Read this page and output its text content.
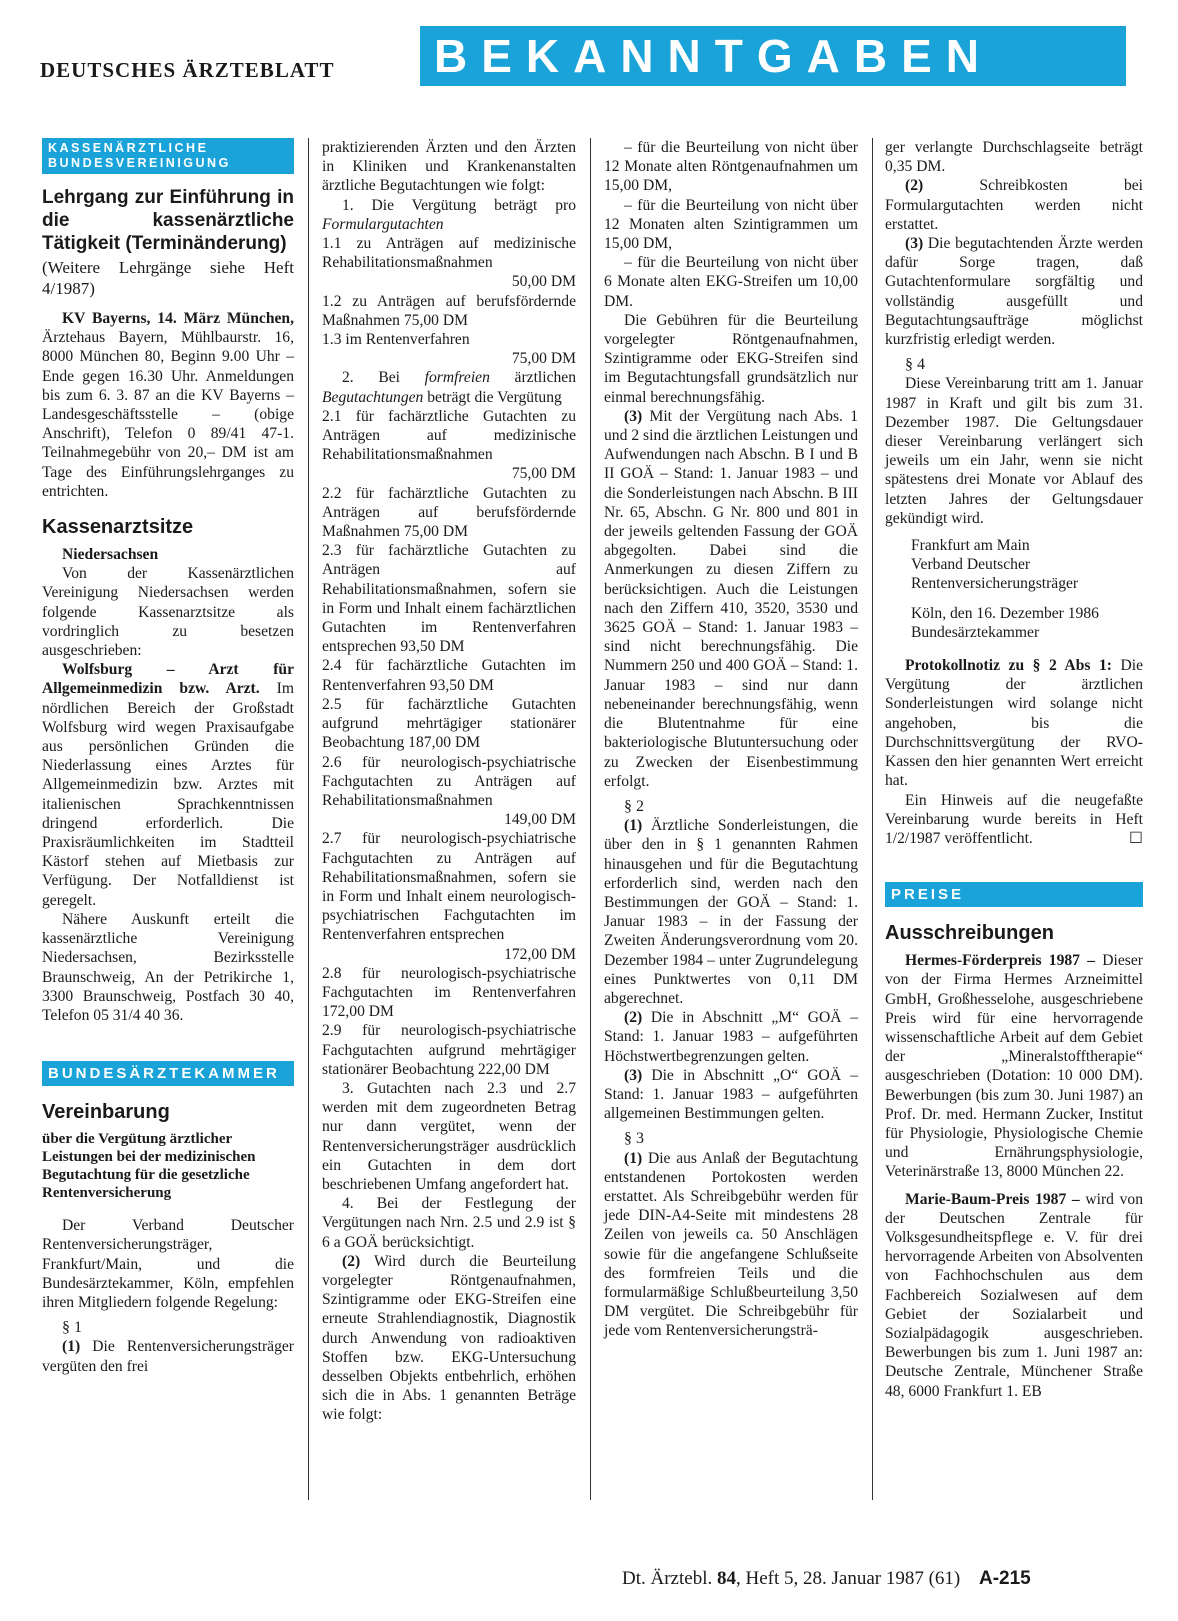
DEUTSCHES ÄRZTEBLATT	BEKANNTGABEN
KASSENÄRZTLICHE BUNDESVEREINIGUNG
Lehrgang zur Einführung in die kassenärztliche Tätigkeit (Terminänderung)

(Weitere Lehrgänge siehe Heft 4/1987)

KV Bayerns, 14. März München, Ärztehaus Bayern, Mühlbaurstr. 16, 8000 München 80, Beginn 9.00 Uhr – Ende gegen 16.30 Uhr. Anmeldungen bis zum 6. 3. 87 an die KV Bayerns – Landesgeschäftsstelle – (obige Anschrift), Telefon 0 89/41 47-1. Teilnahmegebühr von 20,– DM ist am Tage des Einführungslehrganges zu entrichten.

Kassenarztsitze

Niedersachsen

Von der Kassenärztlichen Vereinigung Niedersachsen werden folgende Kassenarztsitze als vordringlich zu besetzen ausgeschrieben:

Wolfsburg – Arzt für Allgemeinmedizin bzw. Arzt. Im nördlichen Bereich der Großstadt Wolfsburg wird wegen Praxisaufgabe aus persönlichen Gründen die Niederlassung eines Arztes für Allgemeinmedizin bzw. Arztes mit italienischen Sprachkenntnissen dringend erforderlich. Die Praxisräumlichkeiten im Stadtteil Kästorf stehen auf Mietbasis zur Verfügung. Der Notfalldienst ist geregelt.

Nähere Auskunft erteilt die kassenärztliche Vereinigung Niedersachsen, Bezirksstelle Braunschweig, An der Petrikirche 1, 3300 Braunschweig, Postfach 30 40, Telefon 05 31/4 40 36.

BUNDESÄRZTEKAMMER
Vereinbarung

über die Vergütung ärztlicher Leistungen bei der medizinischen Begutachtung für die gesetzliche Rentenversicherung

Der Verband Deutscher Rentenversicherungsträger, Frankfurt/Main, und die Bundesärztekammer, Köln, empfehlen ihren Mitgliedern folgende Regelung:

§ 1

(1) Die Rentenversicherungsträger vergüten den frei

praktizierenden Ärzten und den Ärzten in Kliniken und Krankenanstalten ärztliche Begutachtungen wie folgt:

1. Die Vergütung beträgt pro Formulargutachten

1.1 zu Anträgen auf medizinische Rehabilitationsmaßnahmen

50,00 DM

1.2 zu Anträgen auf berufsfördernde Maßnahmen 75,00 DM

1.3 im Rentenverfahren

75,00 DM

2. Bei formfreien ärztlichen Begutachtungen beträgt die Vergütung

2.1 für fachärztliche Gutachten zu Anträgen auf medizinische Rehabilitationsmaßnahmen

75,00 DM

2.2 für fachärztliche Gutachten zu Anträgen auf berufsfördernde Maßnahmen 75,00 DM

2.3 für fachärztliche Gutachten zu Anträgen auf Rehabilitationsmaßnahmen, sofern sie in Form und Inhalt einem fachärztlichen Gutachten im Rentenverfahren entsprechen 93,50 DM

2.4 für fachärztliche Gutachten im Rentenverfahren 93,50 DM

2.5 für fachärztliche Gutachten aufgrund mehrtägiger stationärer Beobachtung 187,00 DM

2.6 für neurologisch-psychiatrische Fachgutachten zu Anträgen auf Rehabilitationsmaßnahmen

149,00 DM

2.7 für neurologisch-psychiatrische Fachgutachten zu Anträgen auf Rehabilitationsmaßnahmen, sofern sie in Form und Inhalt einem neurologisch-psychiatrischen Fachgutachten im Rentenverfahren entsprechen

172,00 DM

2.8 für neurologisch-psychiatrische Fachgutachten im Rentenverfahren 172,00 DM

2.9 für neurologisch-psychiatrische Fachgutachten aufgrund mehrtägiger stationärer Beobachtung 222,00 DM

3. Gutachten nach 2.3 und 2.7 werden mit dem zugeordneten Betrag nur dann vergütet, wenn der Rentenversicherungsträger ausdrücklich ein Gutachten in dem dort beschriebenen Umfang angefordert hat.

4. Bei der Festlegung der Vergütungen nach Nrn. 2.5 und 2.9 ist § 6 a GOÄ berücksichtigt.

(2) Wird durch die Beurteilung vorgelegter Röntgenaufnahmen, Szintigramme oder EKG-Streifen eine erneute Strahlendiagnostik, Diagnostik durch Anwendung von radioaktiven Stoffen bzw. EKG-Untersuchung desselben Objekts entbehrlich, erhöhen sich die in Abs. 1 genannten Beträge wie folgt:

– für die Beurteilung von nicht über 12 Monate alten Röntgenaufnahmen um 15,00 DM,

– für die Beurteilung von nicht über 12 Monaten alten Szintigrammen um 15,00 DM,

– für die Beurteilung von nicht über 6 Monate alten EKG-Streifen um 10,00 DM.

Die Gebühren für die Beurteilung vorgelegter Röntgenaufnahmen, Szintigramme oder EKG-Streifen sind im Begutachtungsfall grundsätzlich nur einmal berechnungsfähig.

(3) Mit der Vergütung nach Abs. 1 und 2 sind die ärztlichen Leistungen und Aufwendungen nach Abschn. B I und B II GOÄ – Stand: 1. Januar 1983 – und die Sonderleistungen nach Abschn. B III Nr. 65, Abschn. G Nr. 800 und 801 in der jeweils geltenden Fassung der GOÄ abgegolten. Dabei sind die Anmerkungen zu diesen Ziffern zu berücksichtigen. Auch die Leistungen nach den Ziffern 410, 3520, 3530 und 3625 GOÄ – Stand: 1. Januar 1983 – sind nicht berechnungsfähig. Die Nummern 250 und 400 GOÄ – Stand: 1. Januar 1983 – sind nur dann nebeneinander berechnungsfähig, wenn die Blutentnahme für eine bakteriologische Blutuntersuchung oder zu Zwecken der Eisenbestimmung erfolgt.

§ 2

(1) Ärztliche Sonderleistungen, die über den in § 1 genannten Rahmen hinausgehen und für die Begutachtung erforderlich sind, werden nach den Bestimmungen der GOÄ – Stand: 1. Januar 1983 – in der Fassung der Zweiten Änderungsverordnung vom 20. Dezember 1984 – unter Zugrundelegung eines Punktwertes von 0,11 DM abgerechnet.

(2) Die in Abschnitt „M“ GOÄ – Stand: 1. Januar 1983 – aufgeführten Höchstwertbegrenzungen gelten.

(3) Die in Abschnitt „O“ GOÄ – Stand: 1. Januar 1983 – aufgeführten allgemeinen Bestimmungen gelten.

§ 3

(1) Die aus Anlaß der Begutachtung entstandenen Portokosten werden erstattet. Als Schreibgebühr werden für jede DIN-A4-Seite mit mindestens 28 Zeilen von jeweils ca. 50 Anschlägen sowie für die angefangene Schlußseite des formfreien Teils und die formularmäßige Schlußbeurteilung 3,50 DM vergütet. Die Schreibgebühr für jede vom Rentenversicherungsträ-

ger verlangte Durchschlagseite beträgt 0,35 DM.

(2)	Schreibkosten bei Formulargutachten werden nicht erstattet.

(3) Die begutachtenden Ärzte werden dafür Sorge tragen, daß Gutachtenformulare sorgfältig und vollständig ausgefüllt und Begutachtungsaufträge möglichst kurzfristig erledigt werden.

§ 4

Diese Vereinbarung tritt am 1. Januar 1987 in Kraft und gilt bis zum 31. Dezember 1987. Die Geltungsdauer dieser Vereinbarung verlängert sich jeweils um ein Jahr, wenn sie nicht spätestens drei Monate vor Ablauf des letzten Jahres der Geltungsdauer gekündigt wird.

Frankfurt am Main

Verband Deutscher Rentenversicherungsträger

Köln, den 16. Dezember 1986

Bundesärztekammer

Protokollnotiz zu § 2 Abs 1: Die Vergütung der ärztlichen Sonderleistungen wird solange nicht angehoben, bis die Durchschnittsvergütung der RVO-Kassen den hier genannten Wert erreicht hat.

Ein Hinweis auf die neugefaßte Vereinbarung wurde bereits in Heft 1/2/1987 veröffentlicht.	☐

PREISE
Ausschreibungen

Hermes-Förderpreis 1987 – Dieser von der Firma Hermes Arzneimittel GmbH, Großhesselohe, ausgeschriebene Preis wird für eine hervorragende wissenschaftliche Arbeit auf dem Gebiet der „Mineralstofftherapie“ ausgeschrieben (Dotation: 10 000 DM). Bewerbungen (bis zum 30. Juni 1987) an Prof. Dr. med. Hermann Zucker, Institut für Physiologie, Physiologische Chemie und Ernährungsphysiologie, Veterinärstraße 13, 8000 München 22.

Marie-Baum-Preis 1987 – wird von der Deutschen Zentrale für Volksgesundheitspflege e. V. für drei hervorragende Arbeiten von Absolventen von Fachhochschulen aus dem Fachbereich Sozialwesen auf dem Gebiet der Sozialarbeit und Sozialpädagogik ausgeschrieben. Bewerbungen bis zum 1. Juni 1987 an: Deutsche Zentrale, Münchener Straße 48, 6000 Frankfurt 1. EB

Dt. Ärztebl. 84, Heft 5, 28. Januar 1987 (61) A-215
